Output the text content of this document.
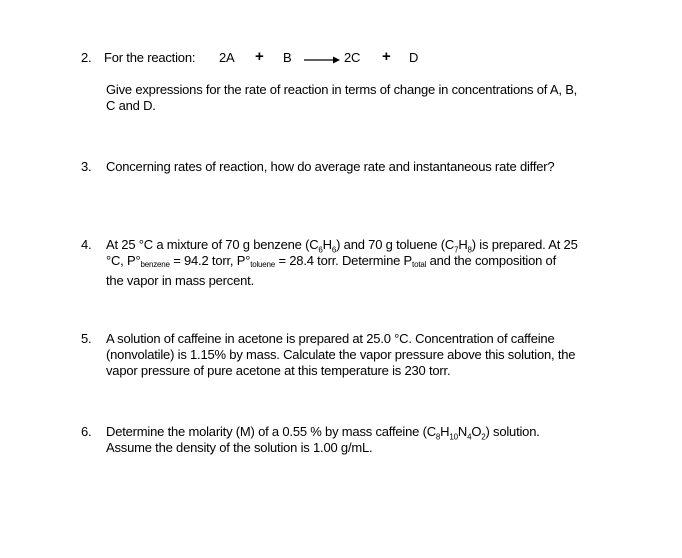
2. For the reaction: 2A + B → 2C + D
Give expressions for the rate of reaction in terms of change in concentrations of A, B,
C and D.
3. Concerning rates of reaction, how do average rate and instantaneous rate differ?
4. At 25 °C a mixture of 70 g benzene $(C_6H_6)$ and 70 g toluene $(C_7H_8)$ is prepared. At 25
°C, P°benzene = 94.2 torr, P°toluene = 28.4 torr. Determine Ptotal and the composition of
the vapor in mass percent.
5. A solution of caffeine in acetone is prepared at 25.0 °C. Concentration of caffeine
(nonvolatile) is 1.15% by mass. Calculate the vapor pressure above this solution, the
vapor pressure of pure acetone at this temperature is 230 torr.
6. Determine the molarity (M) of a 0.55 % by mass caffeine $(C_8H_{10}N_4O_2)$ solution.
Assume the density of the solution is 1.00 g/mL.
